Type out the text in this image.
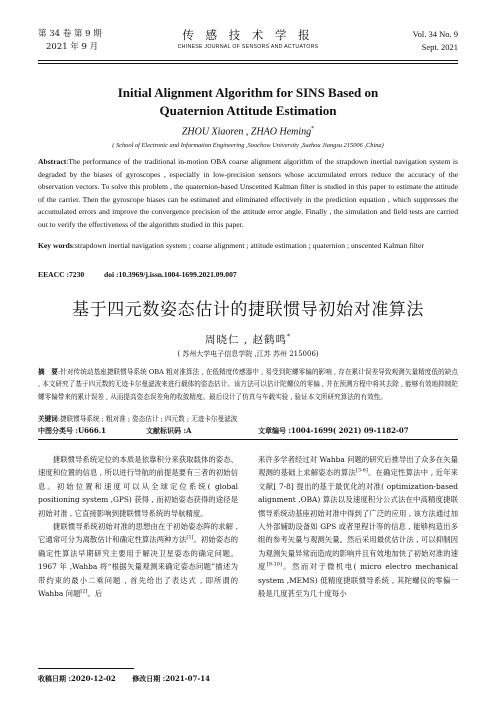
第 34 卷 第 9 期
2021 年 9 月
传 感 技 术 学 报
CHINESE JOURNAL OF SENSORS AND ACTUATORS
Vol. 34 No. 9
Sept. 2021
Initial Alignment Algorithm for SINS Based on
Quaternion Attitude Estimation
ZHOU Xiaoren , ZHAO Heming*
( School of Electronic and Information Engineering ,Soochow University ,Suzhou Jiangsu 215006 ,China)
Abstract:The performance of the traditional in-motion OBA coarse alignment algorithm of the strapdown inertial navigation system is degraded by the biases of gyroscopes , especially in low-precision sensors whose accumulated errors reduce the accuracy of the observation vectors. To solve this problem , the quaternion-based Unscented Kalman filter is studied in this paper to estimate the attitude of the carrier. Then the gyroscope biases can be estimated and eliminated effectively in the prediction equation , which suppresses the accumulated errors and improve the convergence precision of the attitude error angle. Finally , the simulation and field tests are carried out to verify the effectiveness of the algorithm studied in this paper.
Key words:strapdown inertial navigation system ; coarse alignment ; attitude estimation ; quaternion ; unscented Kalman filter
EEACC :7230	doi :10.3969/j.issn.1004-1699.2021.09.007
基于四元数姿态估计的捷联惯导初始对准算法
周晓仁 , 赵鹤鸣*
( 苏州大学电子信息学院 ,江苏 苏州 215006)
摘　要:针对传统动基座捷联惯导系统 OBA 粗对准算法 , 在低精度传感器中 , 易受到陀螺零偏的影响 , 存在累计误差导致观测矢量精度低的缺点 , 本文研究了基于四元数的无迹卡尔曼滤波来进行载体的姿态估计。该方法可以估计陀螺仪的零偏 , 并在预测方程中将其去除 , 能够有效地抑制陀螺零偏带来的累计误差 , 从而提高姿态误差角的收敛精度。最后设计了仿真与车载实验 , 验证本文所研究算法的有效性。
关键词:捷联惯导系统 ; 粗对准 ; 姿态估计 ; 四元数 ; 无迹卡尔曼滤波
中图分类号 :U666.1	文献标识码 :A	文章编号 :1004-1699( 2021) 09-1182-07

捷联惯导系统定位的本质是依靠积分来获取载体的姿态、速度和位置的信息 , 所以进行导航的前提是要有三者的初始信息。初始位置和速度可以从全球定位系统( global positioning system ,GPS) 获得 , 而初始姿态获得的途径是初始对准 , 它直接影响到捷联惯导系统的导航精度。

捷联惯导系统初始对准的思想由在于初始姿态阵的求解 , 它通常可分为离散估计和确定性算法两种方法[1]。初始姿态的确定性算法早期研究主要用于解决卫星姿态的确定问题。1967 年 ,Wahba 将“根据矢量观测来确定姿态问题”描述为带约束的最小二乘问题 , 首先给出了表达式 , 即所谓的 Wahba 问题[2]。后

来许多学者经过对 Wahba 问题的研究后推导出了众多在矢量观测的基础上求解姿态的算法[3-6]。在确定性算法中 , 近年来文献[ 7-8] 提出的基于最优化的对准( optimization-based alignment ,OBA) 算法以及速度积分公式法在中高精度捷联惯导系统动基座初始对准中得到了广泛的应用 , 该方法通过加入外部辅助设备如 GPS 或者里程计等的信息 , 能够构造出多组的参考矢量与观测矢量。然后采用最优估计法 , 可以抑制因为观测矢量异常而造成的影响并且有效地加快了初始对准的速度[9-10]。然而对于微机电( micro electro mechanical system ,MEMS) 低精度捷联惯导系统 , 其陀螺仪的零偏一般是几度甚至为几十度每小

收稿日期 :2020-12-02 修改日期 :2021-07-14
